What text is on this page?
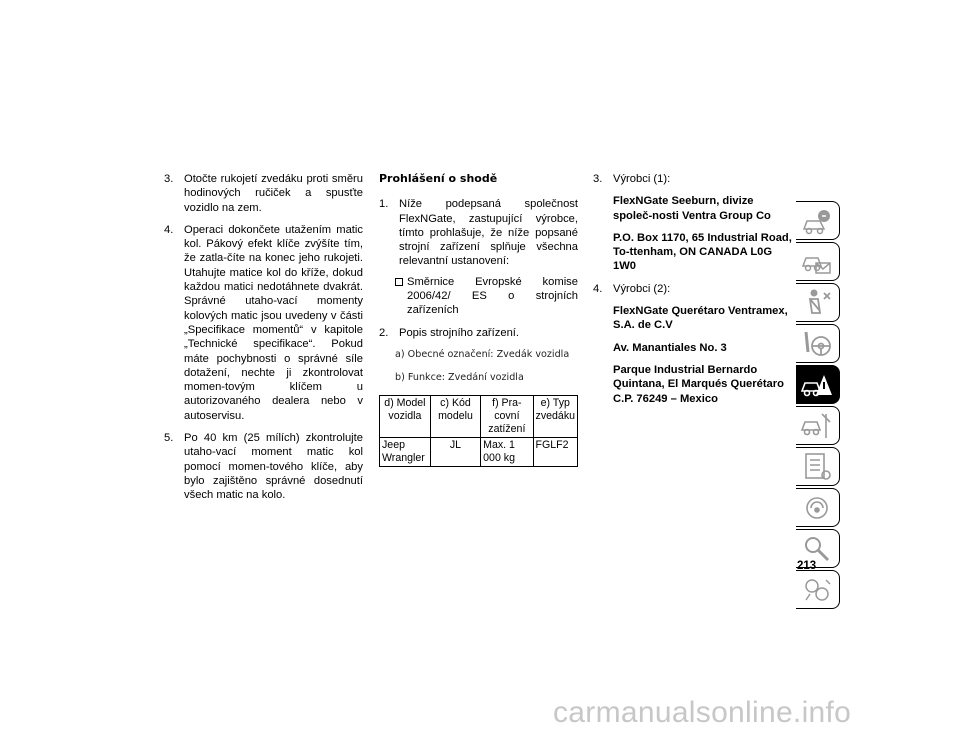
3. Otočte rukojetí zvedáku proti směru hodinových ručiček a spusťte vozidlo na zem.
4. Operaci dokončete utažením matic kol. Pákový efekt klíče zvýšíte tím, že zatla-číte na konec jeho rukojeti. Utahujte matice kol do kříže, dokud každou matici nedotáhnete dvakrát. Správné utaho-vací momenty kolových matic jsou uvedeny v části „Specifikace momentů“ v kapitole „Technické specifikace“. Pokud máte pochybnosti o správné síle dotažení, nechte ji zkontrolovat momen-tovým klíčem u autorizovaného dealera nebo v autoservisu.
5. Po 40 km (25 mílích) zkontrolujte utaho-vací moment matic kol pomocí momen-tového klíče, aby bylo zajištěno správné dosednutí všech matic na kolo.
Prohlášení o shodě
1. Níže podepsaná společnost FlexNGate, zastupující výrobce, tímto prohlašuje, že níže popsané strojní zařízení splňuje všechna relevantní ustanovení:
Směrnice Evropské komise 2006/42/ ES o strojních zařízeních
2. Popis strojního zařízení.
a) Obecné označení: Zvedák vozidla
b) Funkce: Zvedání vozidla
d) Model vozidla	c) Kód modelu	f) Pra-covní zatížení	e) Typ zvedáku
Jeep Wrangler	JL	Max. 1 000 kg	FGLF2
3. Výrobci (1):
FlexNGate Seeburn, divize společ-nosti Ventra Group Co
P.O. Box 1170, 65 Industrial Road, To-ttenham, ON CANADA L0G 1W0
4. Výrobci (2):
FlexNGate Querétaro Ventramex, S.A. de C.V
Av. Manantiales No. 3
Parque Industrial Bernardo Quintana, El Marqués Querétaro C.P. 76249 – Mexico
213
carmanualsonline.info
